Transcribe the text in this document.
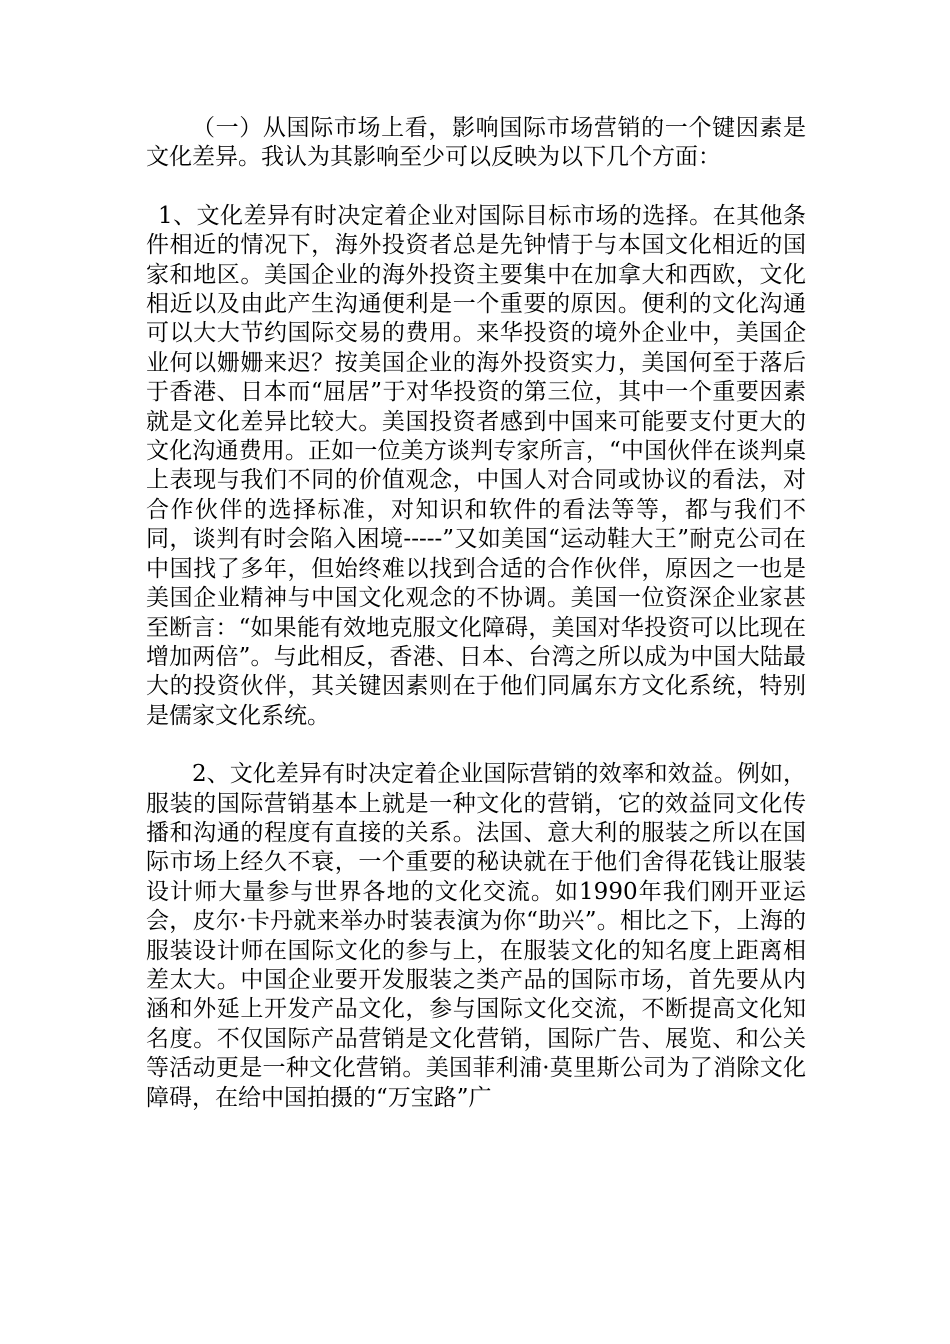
（一）从国际市场上看，影响国际市场营销的一个键因素是文化差异。我认为其影响至少可以反映为以下几个方面：

1、文化差异有时决定着企业对国际目标市场的选择。在其他条件相近的情况下，海外投资者总是先钟情于与本国文化相近的国家和地区。美国企业的海外投资主要集中在加拿大和西欧，文化相近以及由此产生沟通便利是一个重要的原因。便利的文化沟通可以大大节约国际交易的费用。来华投资的境外企业中，美国企业何以姗姗来迟？按美国企业的海外投资实力，美国何至于落后于香港、日本而“屈居”于对华投资的第三位，其中一个重要因素就是文化差异比较大。美国投资者感到中国来可能要支付更大的文化沟通费用。正如一位美方谈判专家所言，“中国伙伴在谈判桌上表现与我们不同的价值观念，中国人对合同或协议的看法，对合作伙伴的选择标准，对知识和软件的看法等等，都与我们不同，谈判有时会陷入困境-----”又如美国“运动鞋大王”耐克公司在中国找了多年，但始终难以找到合适的合作伙伴，原因之一也是美国企业精神与中国文化观念的不协调。美国一位资深企业家甚至断言：“如果能有效地克服文化障碍，美国对华投资可以比现在增加两倍”。与此相反，香港、日本、台湾之所以成为中国大陆最大的投资伙伴，其关键因素则在于他们同属东方文化系统，特别是儒家文化系统。

2、文化差异有时决定着企业国际营销的效率和效益。例如，服装的国际营销基本上就是一种文化的营销，它的效益同文化传播和沟通的程度有直接的关系。法国、意大利的服装之所以在国际市场上经久不衰，一个重要的秘诀就在于他们舍得花钱让服装设计师大量参与世界各地的文化交流。如1990年我们刚开亚运会，皮尔·卡丹就来举办时装表演为你“助兴”。相比之下，上海的服装设计师在国际文化的参与上，在服装文化的知名度上距离相差太大。中国企业要开发服装之类产品的国际市场，首先要从内涵和外延上开发产品文化，参与国际文化交流，不断提高文化知名度。不仅国际产品营销是文化营销，国际广告、展览、和公关等活动更是一种文化营销。美国菲利浦·莫里斯公司为了消除文化障碍，在给中国拍摄的“万宝路”广
